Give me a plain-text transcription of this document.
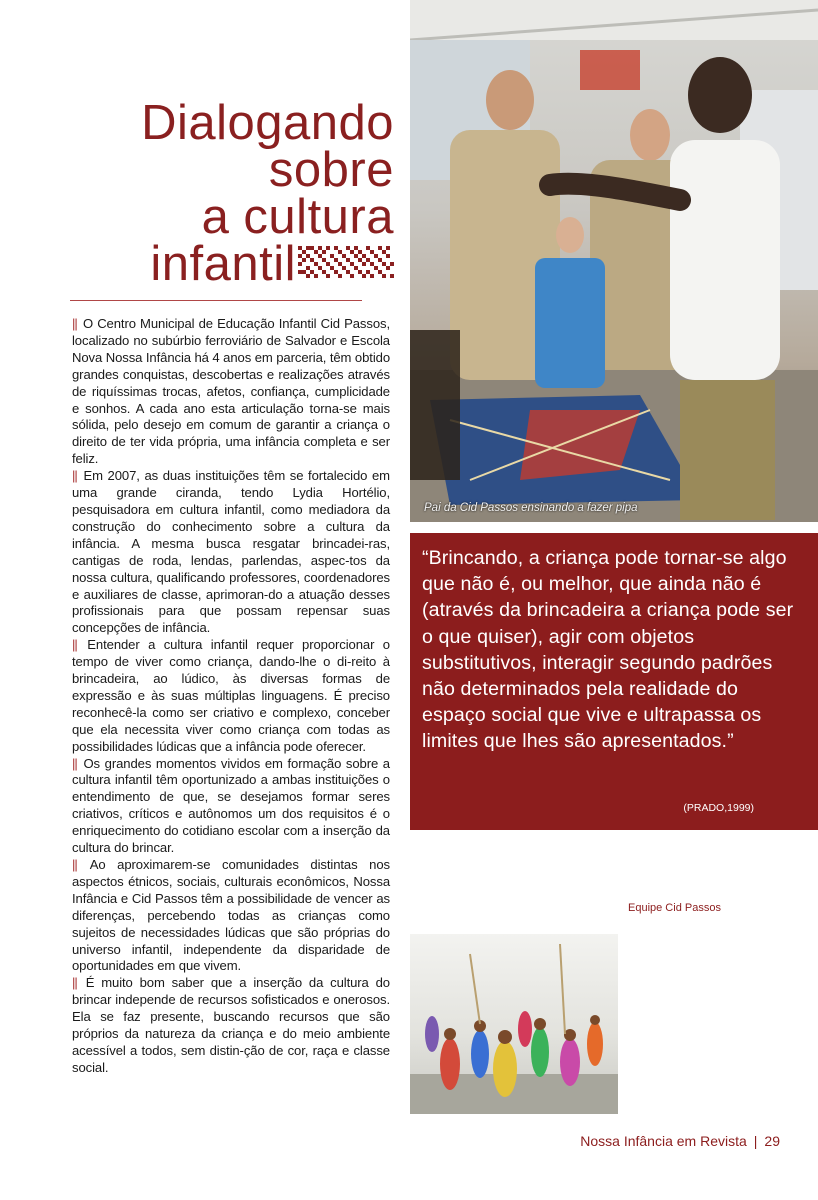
Dialogando
sobre
a cultura
infantil

|| O Centro Municipal de Educação Infantil Cid Passos, localizado no subúrbio ferroviário de Salvador e Escola Nova Nossa Infância há 4 anos em parceria, têm obtido grandes conquistas, descobertas e realizações através de riquíssimas trocas, afetos, confiança, cumplicidade e sonhos. A cada ano esta articulação torna-se mais sólida, pelo desejo em comum de garantir a criança o direito de ter vida própria, uma infância completa e ser feliz.

|| Em 2007, as duas instituições têm se fortalecido em uma grande ciranda, tendo Lydia Hortélio, pesquisadora em cultura infantil, como mediadora da construção do conhecimento sobre a cultura da infância. A mesma busca resgatar brincadei-ras, cantigas de roda, lendas, parlendas, aspec-tos da nossa cultura, qualificando professores, coordenadores e auxiliares de classe, aprimoran-do a atuação desses profissionais para que possam repensar suas concepções de infância.

|| Entender a cultura infantil requer proporcionar o tempo de viver como criança, dando-lhe o di-reito à brincadeira, ao lúdico, às diversas formas de expressão e às suas múltiplas linguagens. É preciso reconhecê-la como ser criativo e complexo, conceber que ela necessita viver como criança com todas as possibilidades lúdicas que a infância pode oferecer.

|| Os grandes momentos vividos em formação sobre a cultura infantil têm oportunizado a ambas instituições o entendimento de que, se desejamos formar seres criativos, críticos e autônomos um dos requisitos é o enriquecimento do cotidiano escolar com a inserção da cultura do brincar.

|| Ao aproximarem-se comunidades distintas nos aspectos étnicos, sociais, culturais econômicos, Nossa Infância e Cid Passos têm a possibilidade de vencer as diferenças, percebendo todas as crianças como sujeitos de necessidades lúdicas que são próprias do universo infantil, independente da disparidade de oportunidades em que vivem.

|| É muito bom saber que a inserção da cultura do brincar independe de recursos sofisticados e onerosos. Ela se faz presente, buscando recursos que são próprios da natureza da criança e do meio ambiente acessível a todos, sem distin-ção de cor, raça e classe social.

Pai da Cid Passos ensinando a fazer pipa

“Brincando, a criança pode tornar-se algo que não é, ou melhor, que ainda não é (através da brincadeira a criança pode ser o que quiser), agir com objetos substitutivos, interagir segundo padrões não determinados pela realidade do espaço social que vive e ultrapassa os limites que lhes são apresentados.”

(PRADO,1999)
Equipe Cid Passos
Nossa Infância em Revista | 29
